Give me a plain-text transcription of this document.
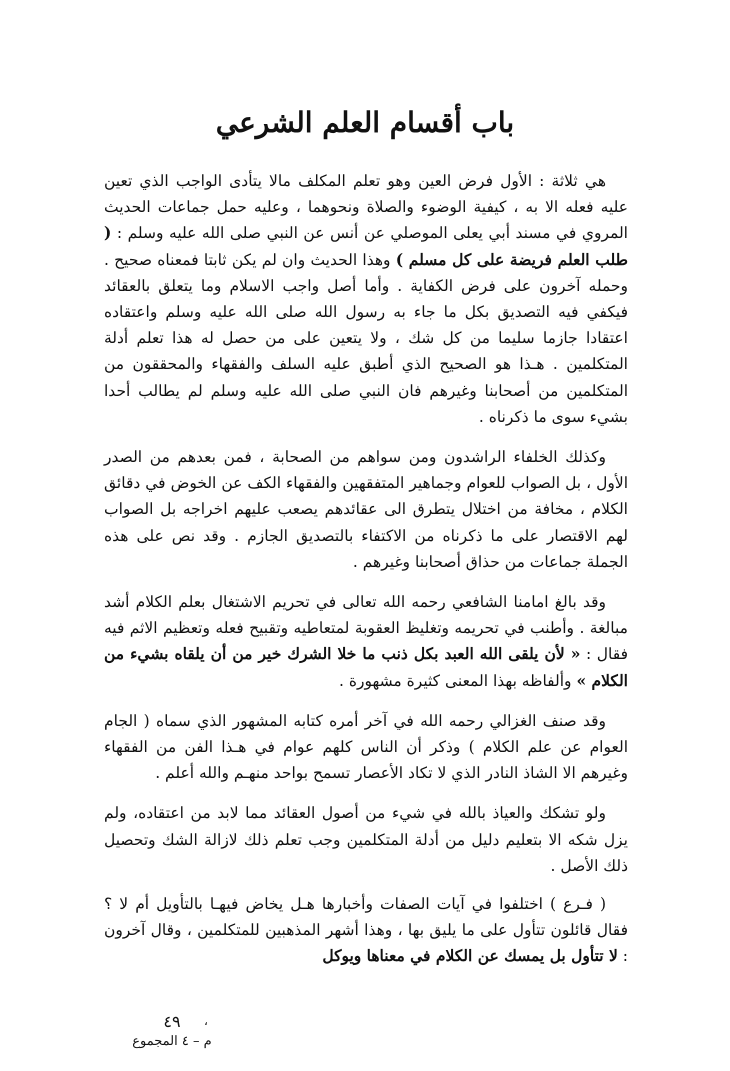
باب أقسام العلم الشرعي

هي ثلاثة : الأول فرض العين وهو تعلم المكلف مالا يتأدى الواجب الذي تعين عليه فعله الا به ، كيفية الوضوء والصلاة ونحوهما ، وعليه حمل جماعات الحديث المروي في مسند أبي يعلى الموصلي عن أنس عن النبي صلى الله عليه وسلم : ( طلب العلم فريضة على كل مسلم ) وهذا الحديث وان لم يكن ثابتا فمعناه صحيح . وحمله آخرون على فرض الكفاية . وأما أصل واجب الاسلام وما يتعلق بالعقائد فيكفي فيه التصديق بكل ما جاء به رسول الله صلى الله عليه وسلم واعتقاده اعتقادا جازما سليما من كل شك ، ولا يتعين على من حصل له هذا تعلم أدلة المتكلمين . هـذا هو الصحيح الذي أطبق عليه السلف والفقهاء والمحققون من المتكلمين من أصحابنا وغيرهم فان النبي صلى الله عليه وسلم لم يطالب أحدا بشيء سوى ما ذكرناه .

وكذلك الخلفاء الراشدون ومن سواهم من الصحابة ، فمن بعدهم من الصدر الأول ، بل الصواب للعوام وجماهير المتفقهين والفقهاء الكف عن الخوض في دقائق الكلام ، مخافة من اختلال يتطرق الى عقائدهم يصعب عليهم اخراجه بل الصواب لهم الاقتصار على ما ذكرناه من الاكتفاء بالتصديق الجازم . وقد نص على هذه الجملة جماعات من حذاق أصحابنا وغيرهم .

وقد بالغ امامنا الشافعي رحمه الله تعالى في تحريم الاشتغال بعلم الكلام أشد مبالغة . وأطنب في تحريمه وتغليظ العقوبة لمتعاطيه وتقبيح فعله وتعظيم الاثم فيه فقال : « لأن يلقى الله العبد بكل ذنب ما خلا الشرك خير من أن يلقاه بشيء من الكلام » وألفاظه بهذا المعنى كثيرة مشهورة .

وقد صنف الغزالي رحمه الله في آخر أمره كتابه المشهور الذي سماه ( الجام العوام عن علم الكلام ) وذكر أن الناس كلهم عوام في هـذا الفن من الفقهاء وغيرهم الا الشاذ النادر الذي لا تكاد الأعصار تسمح بواحد منهـم والله أعلم .

ولو تشكك والعياذ بالله في شيء من أصول العقائد مما لابد من اعتقاده، ولم يزل شكه الا بتعليم دليل من أدلة المتكلمين وجب تعلم ذلك لازالة الشك وتحصيل ذلك الأصل .

( فـرع ) اختلفوا في آيات الصفات وأخبارها هـل يخاض فيهـا بالتأويل أم لا ؟ فقال قائلون تتأول على ما يليق بها ، وهذا أشهر المذهبين للمتكلمين ، وقال آخرون : لا تتأول بل يمسك عن الكلام في معناها ويوكل

٤٩	،
م – ٤ المجموع
